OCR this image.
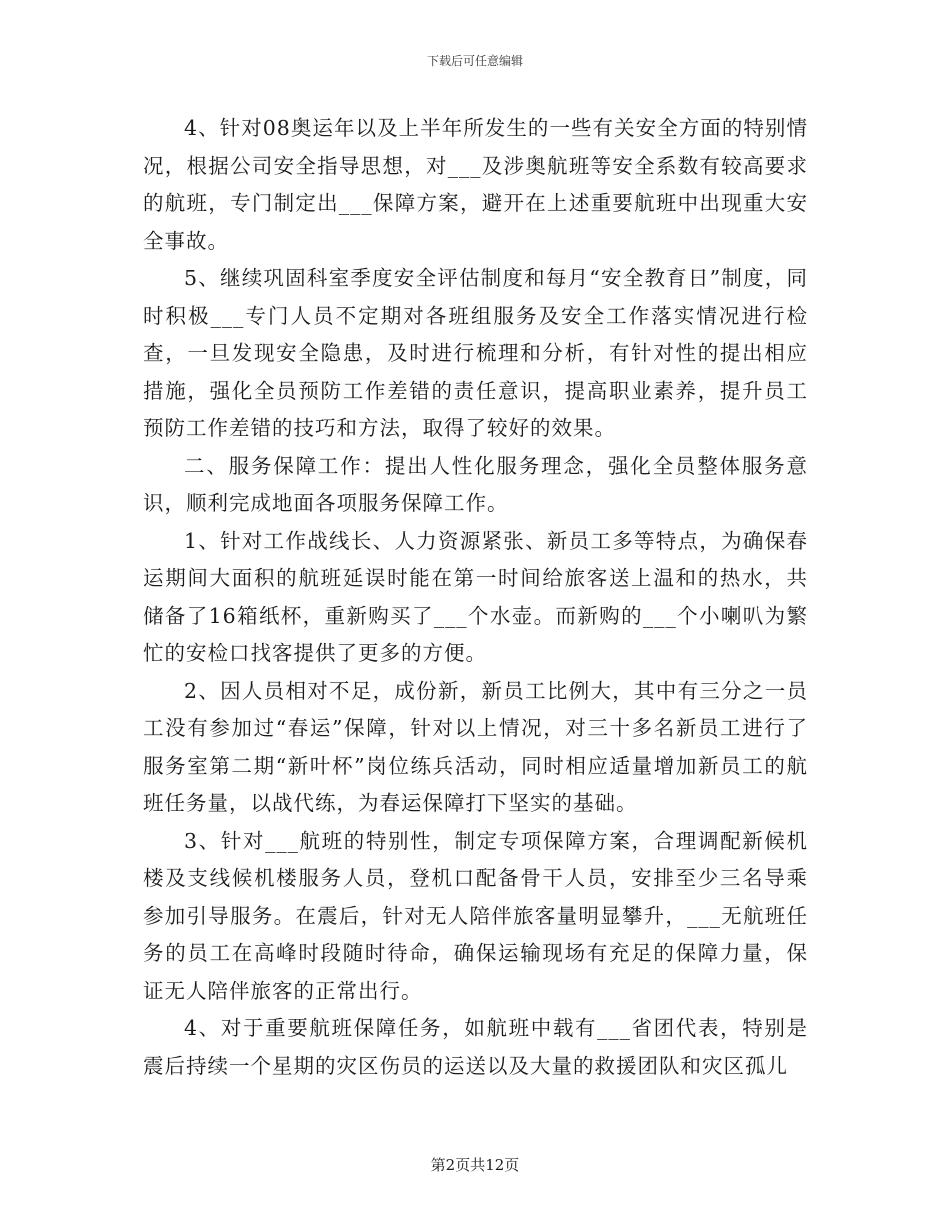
下载后可任意编辑

4、针对08奥运年以及上半年所发生的一些有关安全方面的特别情况，根据公司安全指导思想，对___及涉奥航班等安全系数有较高要求的航班，专门制定出___保障方案，避开在上述重要航班中出现重大安全事故。

5、继续巩固科室季度安全评估制度和每月“安全教育日”制度，同时积极___专门人员不定期对各班组服务及安全工作落实情况进行检查，一旦发现安全隐患，及时进行梳理和分析，有针对性的提出相应措施，强化全员预防工作差错的责任意识，提高职业素养，提升员工预防工作差错的技巧和方法，取得了较好的效果。

二、服务保障工作：提出人性化服务理念，强化全员整体服务意识，顺利完成地面各项服务保障工作。

1、针对工作战线长、人力资源紧张、新员工多等特点，为确保春运期间大面积的航班延误时能在第一时间给旅客送上温和的热水，共储备了16箱纸杯，重新购买了___个水壶。而新购的___个小喇叭为繁忙的安检口找客提供了更多的方便。

2、因人员相对不足，成份新，新员工比例大，其中有三分之一员工没有参加过“春运”保障，针对以上情况，对三十多名新员工进行了服务室第二期“新叶杯”岗位练兵活动，同时相应适量增加新员工的航班任务量，以战代练，为春运保障打下坚实的基础。

3、针对___航班的特别性，制定专项保障方案，合理调配新候机楼及支线候机楼服务人员，登机口配备骨干人员，安排至少三名导乘参加引导服务。在震后，针对无人陪伴旅客量明显攀升，___无航班任务的员工在高峰时段随时待命，确保运输现场有充足的保障力量，保证无人陪伴旅客的正常出行。

4、对于重要航班保障任务，如航班中载有___省团代表，特别是震后持续一个星期的灾区伤员的运送以及大量的救援团队和灾区孤儿

第2页共12页
